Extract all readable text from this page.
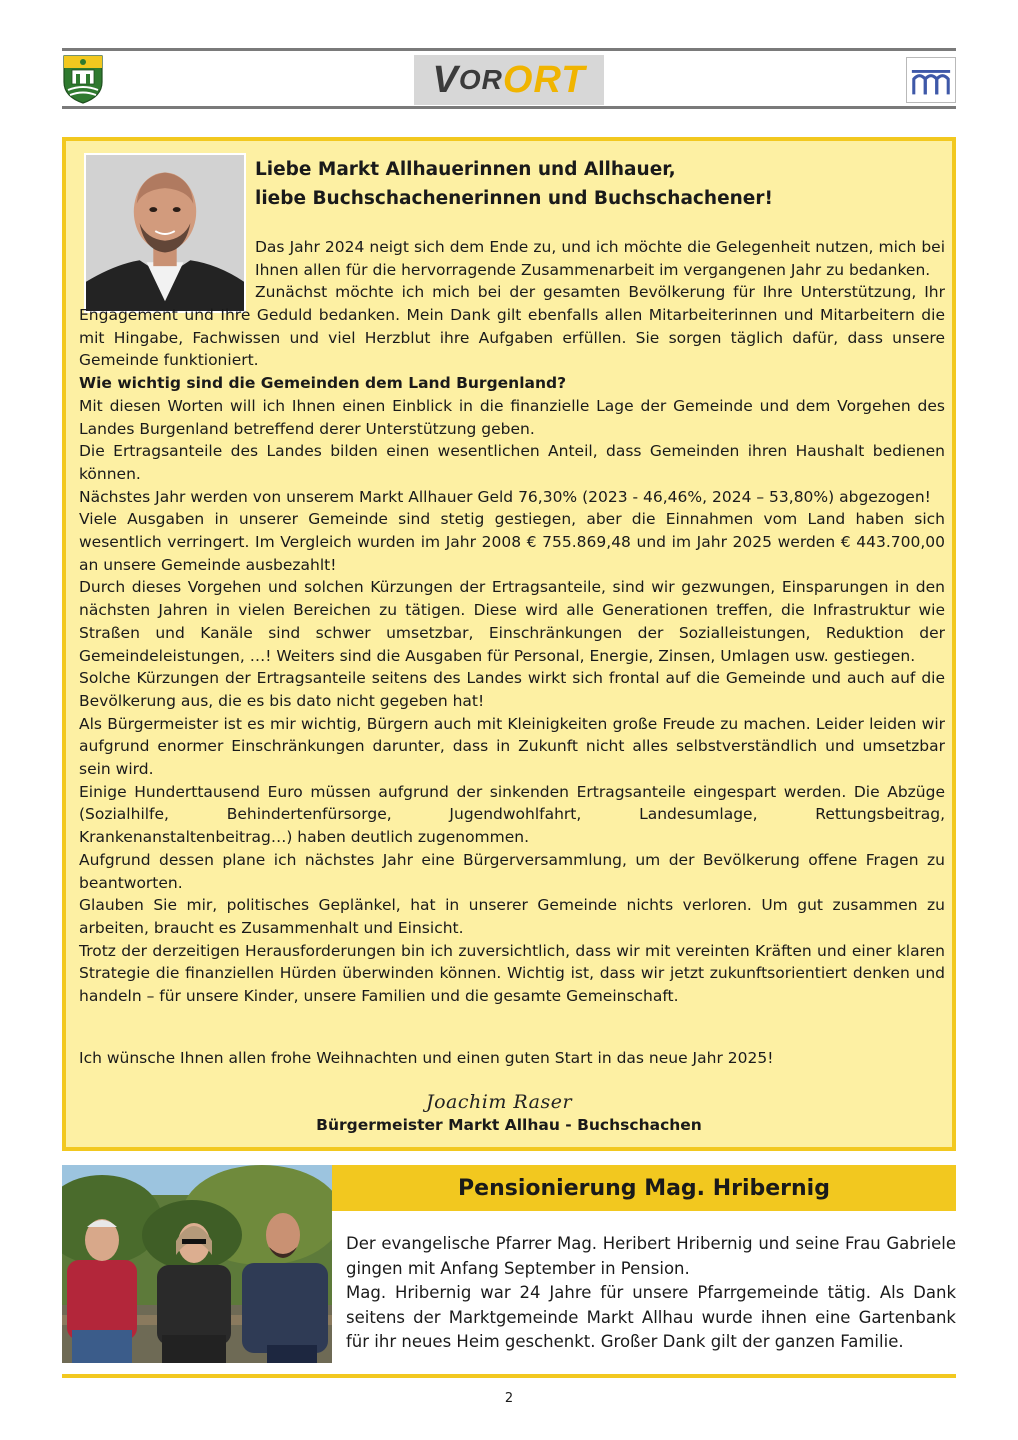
V OR ORT
Liebe Markt Allhauerinnen und Allhauer,
liebe Buchschachenerinnen und Buchschachener!

Das Jahr 2024 neigt sich dem Ende zu, und ich möchte die Gelegenheit nutzen, mich bei Ihnen allen für die hervorragende Zusammenarbeit im vergangenen Jahr zu bedanken.

Zunächst möchte ich mich bei der gesamten Bevölkerung für Ihre Unterstützung, Ihr

Engagement und Ihre Geduld bedanken. Mein Dank gilt ebenfalls allen Mitarbeiterinnen und Mitarbeitern die mit Hingabe, Fachwissen und viel Herzblut ihre Aufgaben erfüllen. Sie sorgen täglich dafür, dass unsere Gemeinde funktioniert.

Wie wichtig sind die Gemeinden dem Land Burgenland?

Mit diesen Worten will ich Ihnen einen Einblick in die finanzielle Lage der Gemeinde und dem Vorgehen des Landes Burgenland betreffend derer Unterstützung geben.

Die Ertragsanteile des Landes bilden einen wesentlichen Anteil, dass Gemeinden ihren Haushalt bedienen können.

Nächstes Jahr werden von unserem Markt Allhauer Geld 76,30% (2023 - 46,46%, 2024 – 53,80%) abgezogen!

Viele Ausgaben in unserer Gemeinde sind stetig gestiegen, aber die Einnahmen vom Land haben sich wesentlich verringert. Im Vergleich wurden im Jahr 2008 € 755.869,48 und im Jahr 2025 werden € 443.700,00 an unsere Gemeinde ausbezahlt!

Durch dieses Vorgehen und solchen Kürzungen der Ertragsanteile, sind wir gezwungen, Einsparungen in den nächsten Jahren in vielen Bereichen zu tätigen. Diese wird alle Generationen treffen, die Infrastruktur wie Straßen und Kanäle sind schwer umsetzbar, Einschränkungen der Sozialleistungen, Reduktion der Gemeindeleistungen, …! Weiters sind die Ausgaben für Personal, Energie, Zinsen, Umlagen usw. gestiegen.

Solche Kürzungen der Ertragsanteile seitens des Landes wirkt sich frontal auf die Gemeinde und auch auf die Bevölkerung aus, die es bis dato nicht gegeben hat!

Als Bürgermeister ist es mir wichtig, Bürgern auch mit Kleinigkeiten große Freude zu machen. Leider leiden wir aufgrund enormer Einschränkungen darunter, dass in Zukunft nicht alles selbstverständlich und umsetzbar sein wird.

Einige Hunderttausend Euro müssen aufgrund der sinkenden Ertragsanteile eingespart werden. Die Abzüge (Sozialhilfe, Behindertenfürsorge, Jugendwohlfahrt, Landesumlage, Rettungsbeitrag, Krankenanstaltenbeitrag…) haben deutlich zugenommen.

Aufgrund dessen plane ich nächstes Jahr eine Bürgerversammlung, um der Bevölkerung offene Fragen zu beantworten.

Glauben Sie mir, politisches Geplänkel, hat in unserer Gemeinde nichts verloren. Um gut zusammen zu arbeiten, braucht es Zusammenhalt und Einsicht.

Trotz der derzeitigen Herausforderungen bin ich zuversichtlich, dass wir mit vereinten Kräften und einer klaren Strategie die finanziellen Hürden überwinden können. Wichtig ist, dass wir jetzt zukunftsorientiert denken und handeln – für unsere Kinder, unsere Familien und die gesamte Gemeinschaft.

Ich wünsche Ihnen allen frohe Weihnachten und einen guten Start in das neue Jahr 2025!

Joachim Raser
Bürgermeister Markt Allhau - Buchschachen
Pensionierung Mag. Hribernig

Der evangelische Pfarrer Mag. Heribert Hribernig und seine Frau Gabriele gingen mit Anfang September in Pension.

Mag. Hribernig war 24 Jahre für unsere Pfarrgemeinde tätig. Als Dank seitens der Marktgemeinde Markt Allhau wurde ihnen eine Gartenbank für ihr neues Heim geschenkt. Großer Dank gilt der ganzen Familie.

2
